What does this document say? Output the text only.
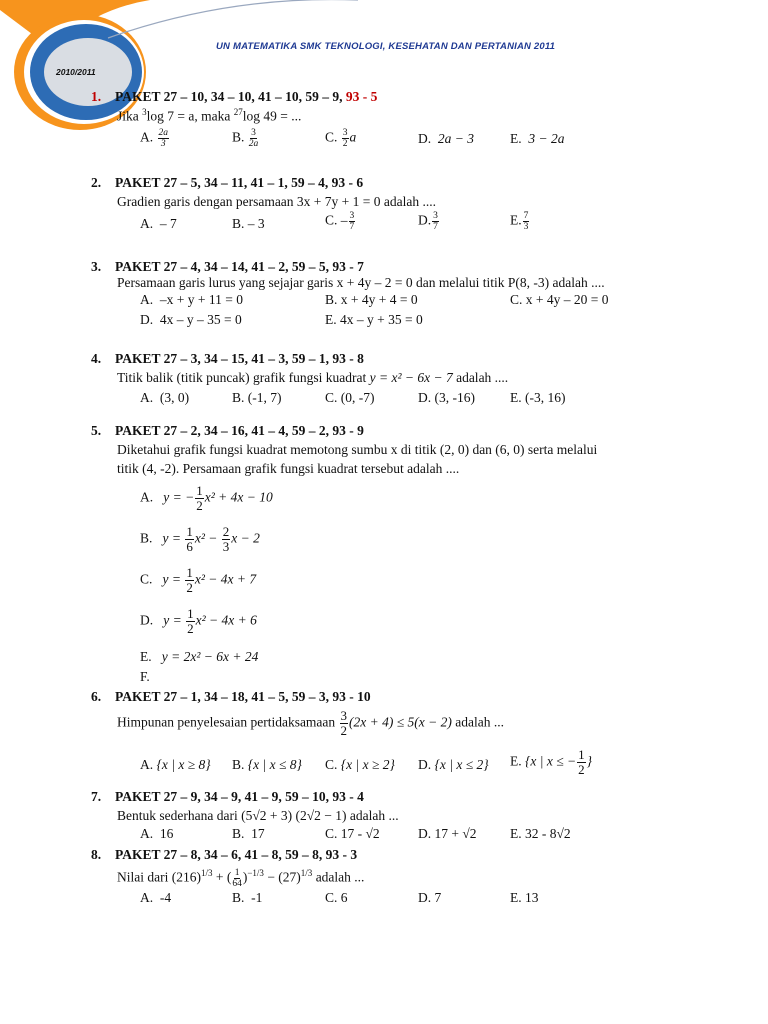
UN MATEMATIKA SMK TEKNOLOGI, KESEHATAN DAN PERTANIAN 2011
2010/2011
1. PAKET 27 – 10, 34 – 10, 41 – 10, 59 – 9, 93 - 5
Jika $^3$log 7 = a, maka $^{27}$log 49 = ...
A. $\frac{2a}{3}$	B. $\frac{3}{2a}$	C. $\frac{3}{2}$ a	D. 2a − 3	E. 3 − 2a
2. PAKET 27 – 5, 34 – 11, 41 – 1, 59 – 4, 93 - 6
Gradien garis dengan persamaan 3x + 7y + 1 = 0 adalah ....
A. – 7	B. – 3	C. – $\frac{3}{7}$	D. $\frac{3}{7}$	E. $\frac{7}{3}$
3. PAKET 27 – 4, 34 – 14, 41 – 2, 59 – 5, 93 - 7
Persamaan garis lurus yang sejajar garis x + 4y – 2 = 0 dan melalui titik P(8, -3) adalah ....
A. –x + y + 11 = 0	B. x + 4y + 4 = 0	C. x + 4y – 20 = 0
D. 4x – y – 35 = 0	E. 4x – y + 35 = 0
4. PAKET 27 – 3, 34 – 15, 41 – 3, 59 – 1, 93 - 8
Titik balik (titik puncak) grafik fungsi kuadrat y = x² − 6x − 7 adalah ....
A. (3, 0)	B. (-1, 7)	C. (0, -7)	D. (3, -16)	E. (-3, 16)
5. PAKET 27 – 2, 34 – 16, 41 – 4, 59 – 2, 93 - 9
Diketahui grafik fungsi kuadrat memotong sumbu x di titik (2, 0) dan (6, 0) serta melalui
titik (4, -2). Persamaan grafik fungsi kuadrat tersebut adalah ....
A. y = − $\frac{1}{2} x^2 + 4x - 10$
B. $y = \frac{1}{6} x^2 - \frac{2}{3}$ x − 2
C. $y = \frac{1}{2} x^2 - 4x + 7$
D. $y = \frac{1}{2} x^2 - 4x + 6$
E. y = 2x² − 6x + 24
F.
6. PAKET 27 – 1, 34 – 18, 41 – 5, 59 – 3, 93 - 10
Himpunan penyelesaian pertidaksamaan $\frac{3}{2} (2x + 4) \le 5(x - 2)$ adalah ...
A. {x | x ≥ 8} B. {x | x ≤ 8} C. {x | x ≥ 2} D. {x | x ≤ 2} E. {x | x ≤ − $\frac{1}{2}$ }
7. PAKET 27 – 9, 34 – 9, 41 – 9, 59 – 10, 93 - 4
Bentuk sederhana dari (5√2 + 3) (2√2 − 1) adalah ...
A. 16	B. 17	C. 17 - √2	D. 17 + √2 E. 32 - 8√2
8. PAKET 27 – 8, 34 – 6, 41 – 8, 59 – 8, 93 - 3
Nilai dari $(216)^{1/3}$ + ( $\frac{1}{64} )^{-1/3} - (27)^{1/3}$ adalah ...
A. -4	B. -1	C. 6	D. 7	E. 13
